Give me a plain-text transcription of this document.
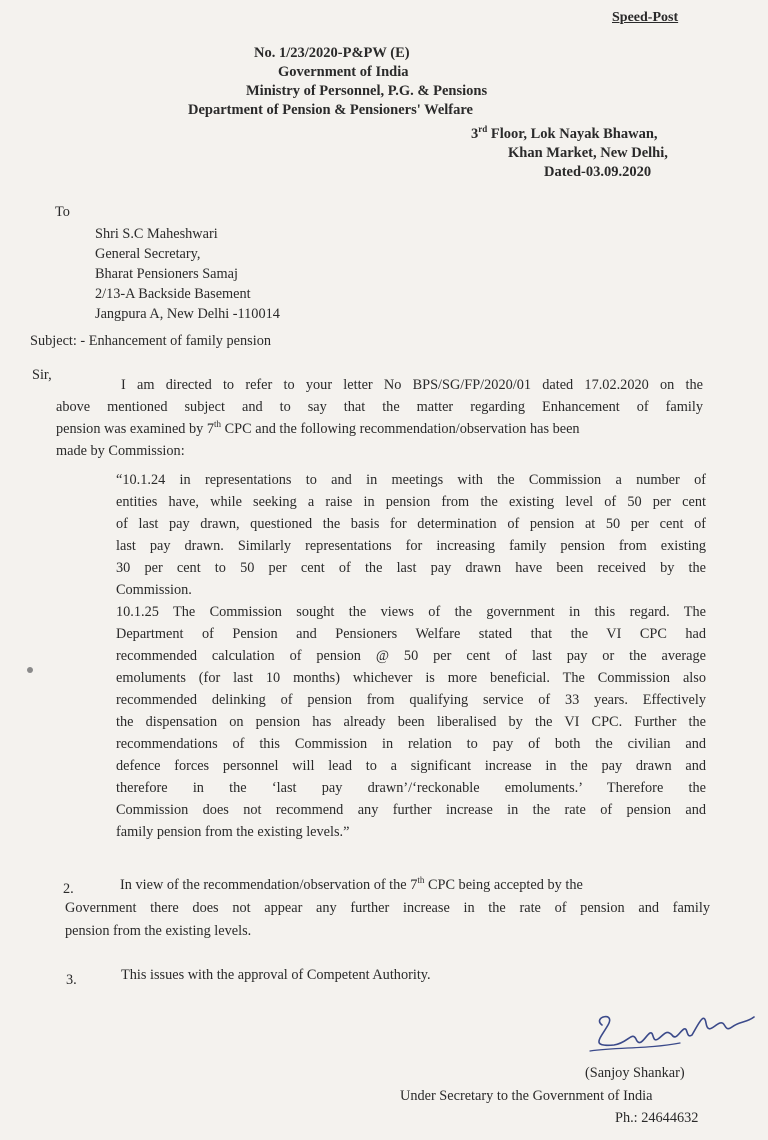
Speed-Post
No. 1/23/2020-P&PW (E)
Government of India
Ministry of Personnel, P.G. & Pensions
Department of Pension & Pensioners' Welfare
3rd Floor, Lok Nayak Bhawan,
Khan Market, New Delhi,
Dated-03.09.2020
To
Shri S.C Maheshwari
General Secretary,
Bharat Pensioners Samaj
2/13-A Backside Basement
Jangpura A, New Delhi -110014
Subject: - Enhancement of family pension
Sir,
I am directed to refer to your letter No BPS/SG/FP/2020/01 dated 17.02.2020 on the
above mentioned subject and to say that the matter regarding Enhancement of family
pension was examined by 7th CPC and the following recommendation/observation has been
made by Commission:
“10.1.24 in representations to and in meetings with the Commission a number of
entities have, while seeking a raise in pension from the existing level of 50 per cent
of last pay drawn, questioned the basis for determination of pension at 50 per cent of
last pay drawn. Similarly representations for increasing family pension from existing
30 per cent to 50 per cent of the last pay drawn have been received by the
Commission.
10.1.25 The Commission sought the views of the government in this regard. The
Department of Pension and Pensioners Welfare stated that the VI CPC had
recommended calculation of pension @ 50 per cent of last pay or the average
emoluments (for last 10 months) whichever is more beneficial. The Commission also
recommended delinking of pension from qualifying service of 33 years. Effectively
the dispensation on pension has already been liberalised by the VI CPC. Further the
recommendations of this Commission in relation to pay of both the civilian and
defence forces personnel will lead to a significant increase in the pay drawn and
therefore in the ‘last pay drawn’/‘reckonable emoluments.’ Therefore the
Commission does not recommend any further increase in the rate of pension and
family pension from the existing levels.”
2.	In view of the recommendation/observation of the 7th CPC being accepted by the
Government there does not appear any further increase in the rate of pension and family
pension from the existing levels.
3.	This issues with the approval of Competent Authority.
(Sanjoy Shankar)
Under Secretary to the Government of India
Ph.: 24644632
